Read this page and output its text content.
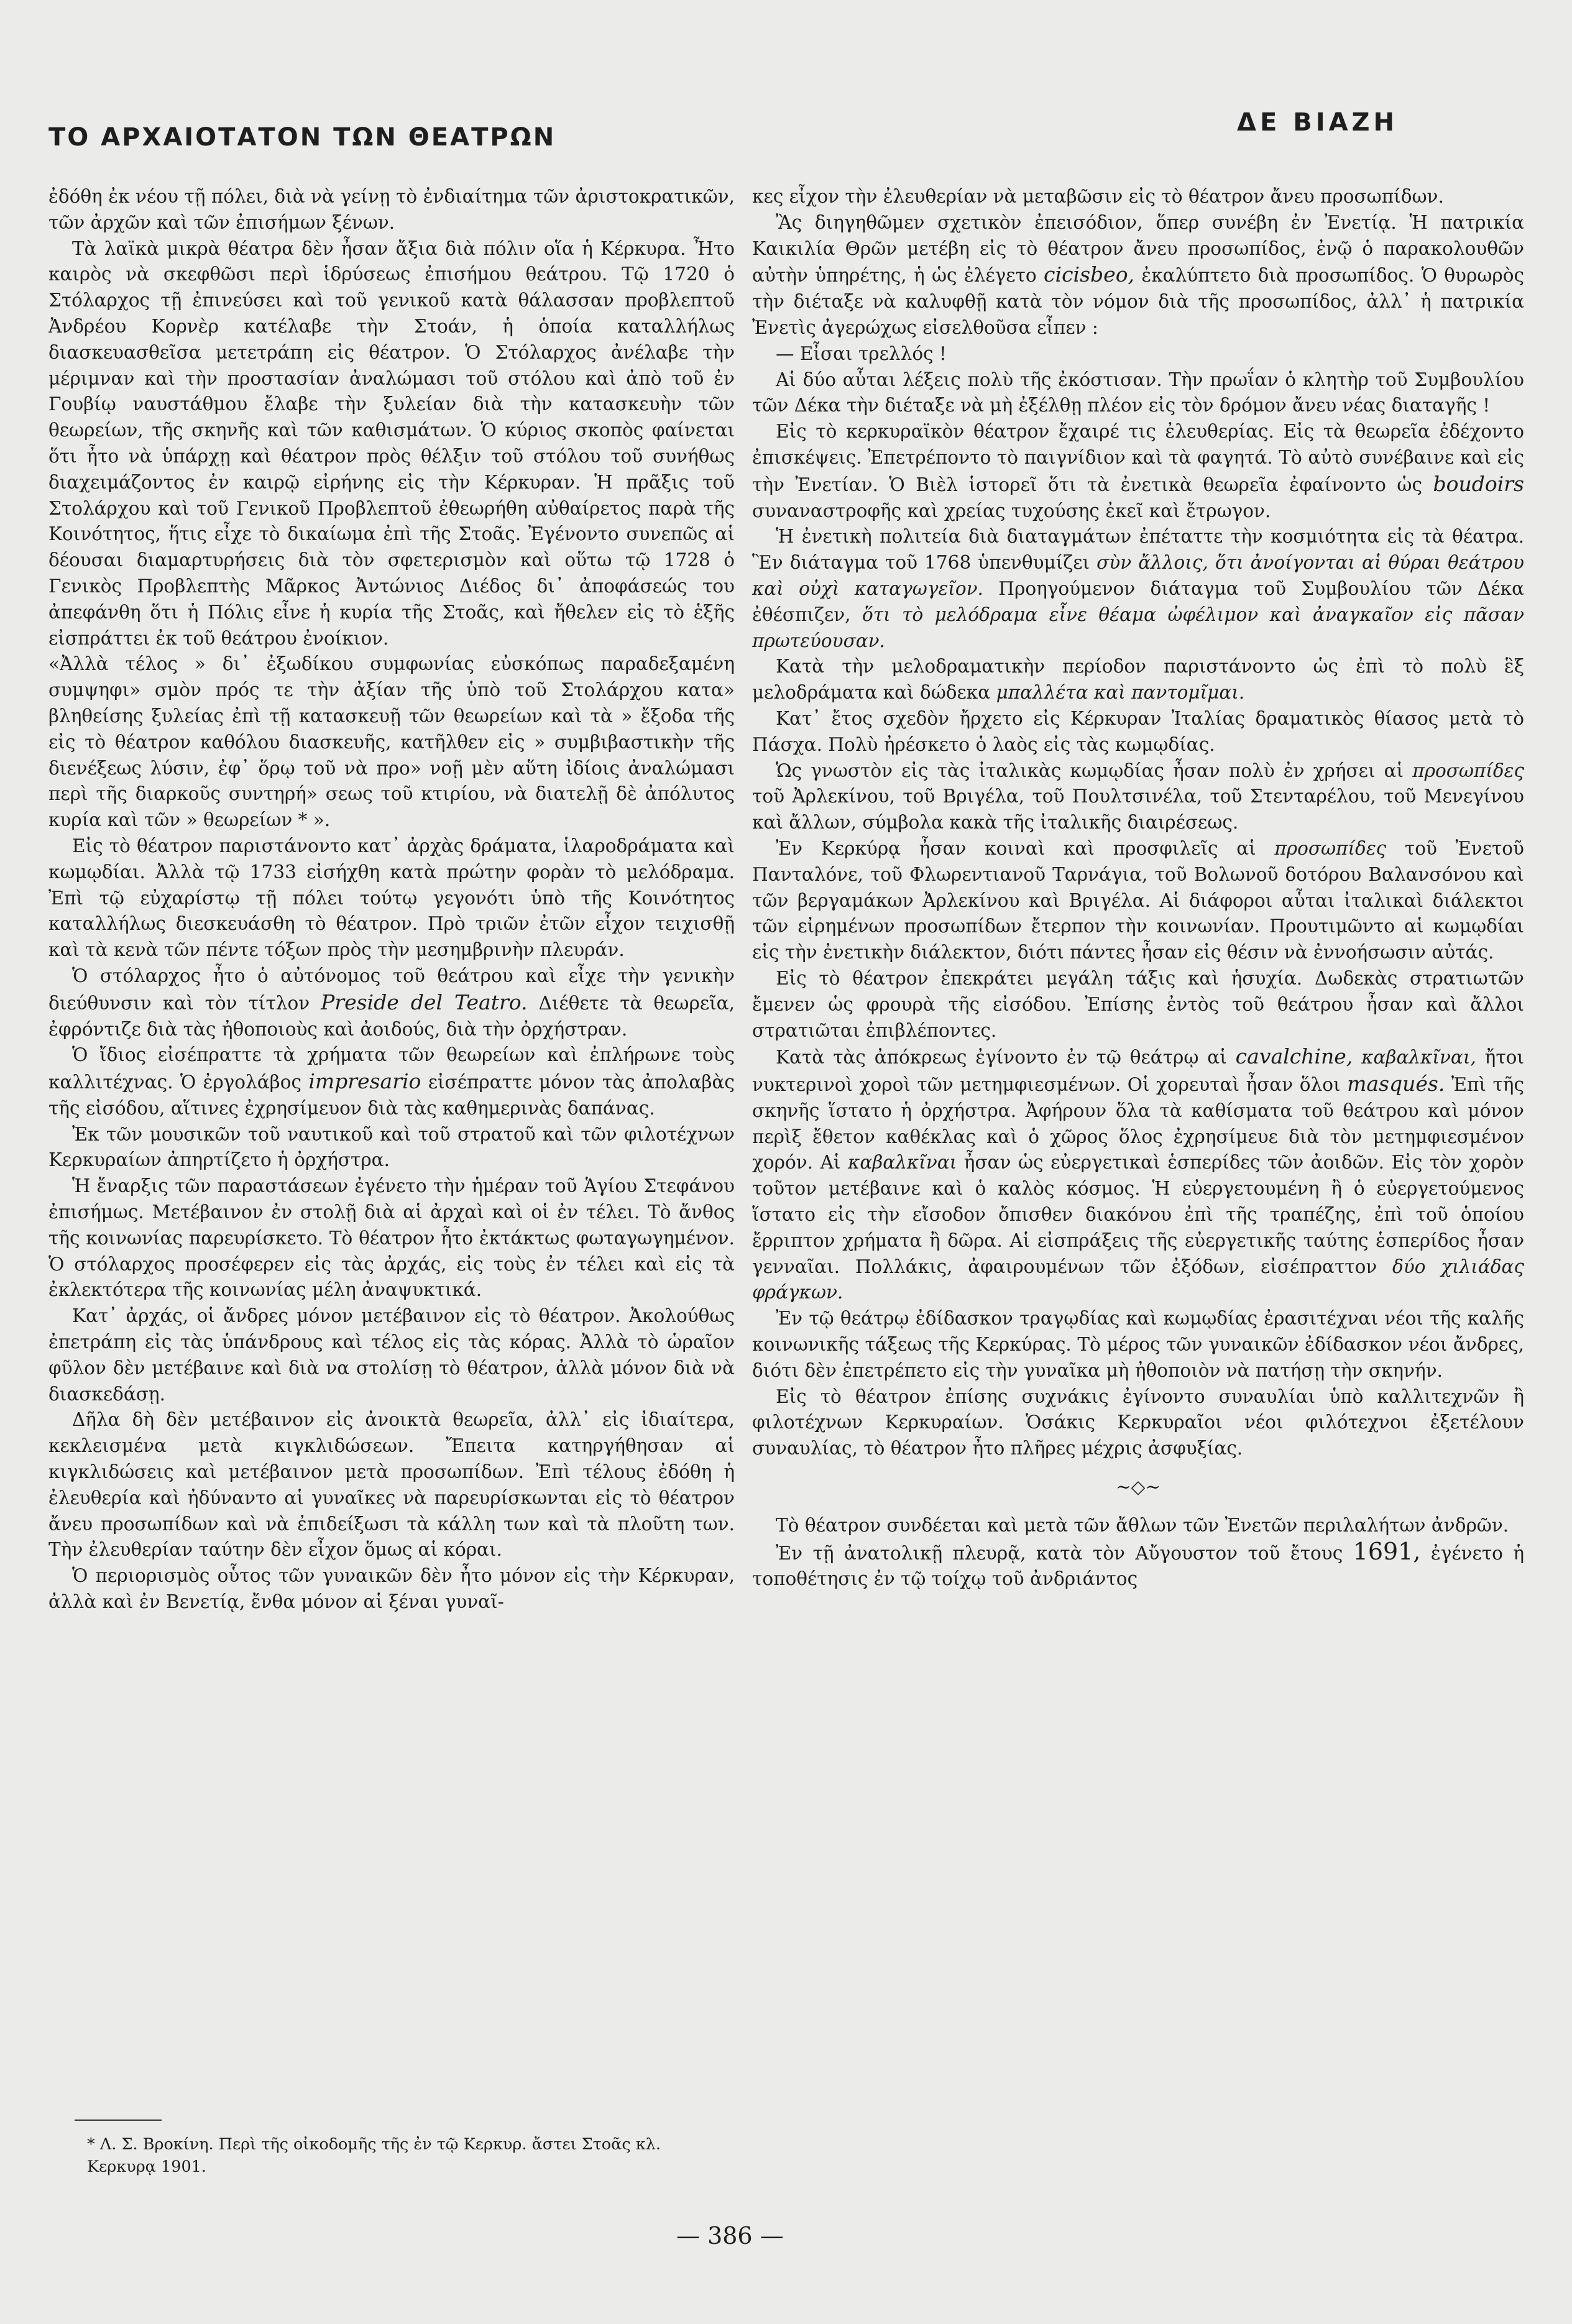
ΤΟ ΑΡΧΑΙΟΤΑΤΟΝ ΤΩΝ ΘΕΑΤΡΩΝ
ΔΕ ΒΙΑΖΗ

ἐδόθη ἐκ νέου τῇ πόλει, διὰ νὰ γείνῃ τὸ ἐνδιαίτημα τῶν ἀριστοκρατικῶν, τῶν ἀρχῶν καὶ τῶν ἐπισήμων ξένων.

Τὰ λαϊκὰ μικρὰ θέατρα δὲν ἦσαν ἄξια διὰ πόλιν οἵα ἡ Κέρκυρα. Ἦτο καιρὸς νὰ σκεφθῶσι περὶ ἱδρύσεως ἐπισήμου θεάτρου. Τῷ 1720 ὁ Στόλαρχος τῇ ἐπινεύσει καὶ τοῦ γενικοῦ κατὰ θάλασσαν προβλεπτοῦ Ἀνδρέου Κορνὲρ κατέλαβε τὴν Στοάν, ἡ ὁποία καταλλήλως διασκευασθεῖσα μετετράπη εἰς θέατρον. Ὁ Στόλαρχος ἀνέλαβε τὴν μέριμναν καὶ τὴν προστασίαν ἀναλώμασι τοῦ στόλου καὶ ἀπὸ τοῦ ἐν Γουβίῳ ναυστάθμου ἔλαβε τὴν ξυλείαν διὰ τὴν κατασκευὴν τῶν θεωρείων, τῆς σκηνῆς καὶ τῶν καθισμάτων. Ὁ κύριος σκοπὸς φαίνεται ὅτι ἦτο νὰ ὑπάρχῃ καὶ θέατρον πρὸς θέλξιν τοῦ στόλου τοῦ συνήθως διαχειμάζοντος ἐν καιρῷ εἰρήνης εἰς τὴν Κέρκυραν. Ἡ πρᾶξις τοῦ Στολάρχου καὶ τοῦ Γενικοῦ Προβλεπτοῦ ἐθεωρήθη αὐθαίρετος παρὰ τῆς Κοινότητος, ἥτις εἶχε τὸ δικαίωμα ἐπὶ τῆς Στοᾶς. Ἐγένοντο συνεπῶς αἱ δέουσαι διαμαρτυρήσεις διὰ τὸν σφετερισμὸν καὶ οὕτω τῷ 1728 ὁ Γενικὸς Προβλεπτὴς Μᾶρκος Ἀντώνιος Διέδος δι᾽ ἀποφάσεώς του ἀπεφάνθη ὅτι ἡ Πόλις εἶνε ἡ κυρία τῆς Στοᾶς, καὶ ἤθελεν εἰς τὸ ἑξῆς εἰσπράττει ἐκ τοῦ θεάτρου ἐνοίκιον.

«Ἀλλὰ τέλος » δι᾽ ἐξωδίκου συμφωνίας εὐσκόπως παραδεξαμένη συμψηφι» σμὸν πρός τε τὴν ἀξίαν τῆς ὑπὸ τοῦ Στολάρχου κατα» βληθείσης ξυλείας ἐπὶ τῇ κατασκευῇ τῶν θεωρείων καὶ τὰ » ἔξοδα τῆς εἰς τὸ θέατρον καθόλου διασκευῆς, κατῆλθεν εἰς » συμβιβαστικὴν τῆς διενέξεως λύσιν, ἐφ᾽ ὅρῳ τοῦ νὰ προ» νοῇ μὲν αὕτη ἰδίοις ἀναλώμασι περὶ τῆς διαρκοῦς συντηρή» σεως τοῦ κτιρίου, νὰ διατελῇ δὲ ἀπόλυτος κυρία καὶ τῶν » θεωρείων * ».

Εἰς τὸ θέατρον παριστάνοντο κατ᾽ ἀρχὰς δράματα, ἱλαροδράματα καὶ κωμῳδίαι. Ἀλλὰ τῷ 1733 εἰσήχθη κατὰ πρώτην φορὰν τὸ μελόδραμα. Ἐπὶ τῷ εὐχαρίστῳ τῇ πόλει τούτῳ γεγονότι ὑπὸ τῆς Κοινότητος καταλλήλως διεσκευάσθη τὸ θέατρον. Πρὸ τριῶν ἐτῶν εἶχον τειχισθῇ καὶ τὰ κενὰ τῶν πέντε τόξων πρὸς τὴν μεσημβρινὴν πλευράν.

Ὁ στόλαρχος ἦτο ὁ αὐτόνομος τοῦ θεάτρου καὶ εἶχε τὴν γενικὴν διεύθυνσιν καὶ τὸν τίτλον Preside del Teatro. Διέθετε τὰ θεωρεῖα, ἐφρόντιζε διὰ τὰς ἠθοποιοὺς καὶ ἀοιδούς, διὰ τὴν ὀρχήστραν.

Ὁ ἴδιος εἰσέπραττε τὰ χρήματα τῶν θεωρείων καὶ ἐπλήρωνε τοὺς καλλιτέχνας. Ὁ ἐργολάβος impresario εἰσέπραττε μόνον τὰς ἀπολαβὰς τῆς εἰσόδου, αἵτινες ἐχρησίμευον διὰ τὰς καθημερινὰς δαπάνας.

Ἐκ τῶν μουσικῶν τοῦ ναυτικοῦ καὶ τοῦ στρατοῦ καὶ τῶν φιλοτέχνων Κερκυραίων ἀπηρτίζετο ἡ ὀρχήστρα.

Ἡ ἔναρξις τῶν παραστάσεων ἐγένετο τὴν ἡμέραν τοῦ Ἁγίου Στεφάνου ἐπισήμως. Μετέβαινον ἐν στολῇ διὰ αἱ ἀρχαὶ καὶ οἱ ἐν τέλει. Τὸ ἄνθος τῆς κοινωνίας παρευρίσκετο. Τὸ θέατρον ἦτο ἐκτάκτως φωταγωγημένον. Ὁ στόλαρχος προσέφερεν εἰς τὰς ἀρχάς, εἰς τοὺς ἐν τέλει καὶ εἰς τὰ ἐκλεκτότερα τῆς κοινωνίας μέλη ἀναψυκτικά.

Κατ᾽ ἀρχάς, οἱ ἄνδρες μόνον μετέβαινον εἰς τὸ θέατρον. Ἀκολούθως ἐπετράπη εἰς τὰς ὑπάνδρους καὶ τέλος εἰς τὰς κόρας. Ἀλλὰ τὸ ὡραῖον φῦλον δὲν μετέβαινε καὶ διὰ να στολίσῃ τὸ θέατρον, ἀλλὰ μόνον διὰ νὰ διασκεδάσῃ.

Δῆλα δὴ δὲν μετέβαινον εἰς ἀνοικτὰ θεωρεῖα, ἀλλ᾽ εἰς ἰδιαίτερα, κεκλεισμένα μετὰ κιγκλιδώσεων. Ἔπειτα κατηργήθησαν αἱ κιγκλιδώσεις καὶ μετέβαινον μετὰ προσωπίδων. Ἐπὶ τέλους ἐδόθη ἡ ἐλευθερία καὶ ἠδύναντο αἱ γυναῖκες νὰ παρευρίσκωνται εἰς τὸ θέατρον ἄνευ προσωπίδων καὶ νὰ ἐπιδείξωσι τὰ κάλλη των καὶ τὰ πλοῦτη των. Τὴν ἐλευθερίαν ταύτην δὲν εἶχον ὅμως αἱ κόραι.

Ὁ περιορισμὸς οὗτος τῶν γυναικῶν δὲν ἦτο μόνον εἰς τὴν Κέρκυραν, ἀλλὰ καὶ ἐν Βενετίᾳ, ἔνθα μόνον αἱ ξέναι γυναῖ-

* Λ. Σ. Βροκίνη. Περὶ τῆς οἰκοδομῆς τῆς ἐν τῷ Κερκυρ. ἄστει Στοᾶς κλ. Κερκυρᾳ 1901.

κες εἶχον τὴν ἐλευθερίαν νὰ μεταβῶσιν εἰς τὸ θέατρον ἄνευ προσωπίδων.

Ἂς διηγηθῶμεν σχετικὸν ἐπεισόδιον, ὅπερ συνέβη ἐν Ἐνετίᾳ. Ἡ πατρικία Καικιλία Θρῶν μετέβη εἰς τὸ θέατρον ἄνευ προσωπίδος, ἐνῷ ὁ παρακολουθῶν αὐτὴν ὑπηρέτης, ἡ ὡς ἐλέγετο cicisbeo, ἐκαλύπτετο διὰ προσωπίδος. Ὁ θυρωρὸς τὴν διέταξε νὰ καλυφθῇ κατὰ τὸν νόμον διὰ τῆς προσωπίδος, ἀλλ᾽ ἡ πατρικία Ἐνετὶς ἀγερώχως εἰσελθοῦσα εἶπεν :

— Εἶσαι τρελλός !

Αἱ δύο αὗται λέξεις πολὺ τῆς ἐκόστισαν. Τὴν πρωΐαν ὁ κλητὴρ τοῦ Συμβουλίου τῶν Δέκα τὴν διέταξε νὰ μὴ ἐξέλθῃ πλέον εἰς τὸν δρόμον ἄνευ νέας διαταγῆς !

Εἰς τὸ κερκυραϊκὸν θέατρον ἔχαιρέ τις ἐλευθερίας. Εἰς τὰ θεωρεῖα ἐδέχοντο ἐπισκέψεις. Ἐπετρέποντο τὸ παιγνίδιον καὶ τὰ φαγητά. Τὸ αὐτὸ συνέβαινε καὶ εἰς τὴν Ἐνετίαν. Ὁ Βιὲλ ἱστορεῖ ὅτι τὰ ἐνετικὰ θεωρεῖα ἐφαίνοντο ὡς boudoirs συναναστροφῆς καὶ χρείας τυχούσης ἐκεῖ καὶ ἔτρωγον.

Ἡ ἐνετικὴ πολιτεία διὰ διαταγμάτων ἐπέταττε τὴν κοσμιότητα εἰς τὰ θέατρα. Ἓν διάταγμα τοῦ 1768 ὑπενθυμίζει σὺν ἄλλοις, ὅτι ἀνοίγονται αἱ θύραι θεάτρου καὶ οὐχὶ καταγωγεῖον. Προηγούμενον διάταγμα τοῦ Συμβουλίου τῶν Δέκα ἐθέσπιζεν, ὅτι τὸ μελόδραμα εἶνε θέαμα ὠφέλιμον καὶ ἀναγκαῖον εἰς πᾶσαν πρωτεύουσαν.

Κατὰ τὴν μελοδραματικὴν περίοδον παριστάνοντο ὡς ἐπὶ τὸ πολὺ ἓξ μελοδράματα καὶ δώδεκα μπαλλέτα καὶ παντομῖμαι.

Κατ᾽ ἔτος σχεδὸν ἤρχετο εἰς Κέρκυραν Ἰταλίας δραματικὸς θίασος μετὰ τὸ Πάσχα. Πολὺ ἠρέσκετο ὁ λαὸς εἰς τὰς κωμῳδίας.

Ὡς γνωστὸν εἰς τὰς ἰταλικὰς κωμῳδίας ἦσαν πολὺ ἐν χρήσει αἱ προσωπίδες τοῦ Ἀρλεκίνου, τοῦ Βριγέλα, τοῦ Πουλτσινέλα, τοῦ Στενταρέλου, τοῦ Μενεγίνου καὶ ἄλλων, σύμβολα κακὰ τῆς ἰταλικῆς διαιρέσεως.

Ἐν Κερκύρᾳ ἦσαν κοιναὶ καὶ προσφιλεῖς αἱ προσωπίδες τοῦ Ἐνετοῦ Πανταλόνε, τοῦ Φλωρεντιανοῦ Ταρνάγια, τοῦ Βολωνοῦ δοτόρου Βαλανσόνου καὶ τῶν βεργαμάκων Ἀρλεκίνου καὶ Βριγέλα. Αἱ διάφοροι αὗται ἰταλικαὶ διάλεκτοι τῶν εἰρημένων προσωπίδων ἔτερπον τὴν κοινωνίαν. Προυτιμῶντο αἱ κωμῳδίαι εἰς τὴν ἐνετικὴν διάλεκτον, διότι πάντες ἦσαν εἰς θέσιν νὰ ἐννοήσωσιν αὐτάς.

Εἰς τὸ θέατρον ἐπεκράτει μεγάλη τάξις καὶ ἡσυχία. Δωδεκὰς στρατιωτῶν ἔμενεν ὡς φρουρὰ τῆς εἰσόδου. Ἐπίσης ἐντὸς τοῦ θεάτρου ἦσαν καὶ ἄλλοι στρατιῶται ἐπιβλέποντες.

Κατὰ τὰς ἀπόκρεως ἐγίνοντο ἐν τῷ θεάτρῳ αἱ cavalchine, καβαλκῖναι, ἤτοι νυκτερινοὶ χοροὶ τῶν μετημφιεσμένων. Οἱ χορευταὶ ἦσαν ὅλοι masqués. Ἐπὶ τῆς σκηνῆς ἵστατο ἡ ὀρχήστρα. Ἀφήρουν ὅλα τὰ καθίσματα τοῦ θεάτρου καὶ μόνον περὶξ ἔθετον καθέκλας καὶ ὁ χῶρος ὅλος ἐχρησίμευε διὰ τὸν μετημφιεσμένον χορόν. Αἱ καβαλκῖναι ἦσαν ὡς εὐεργετικαὶ ἑσπερίδες τῶν ἀοιδῶν. Εἰς τὸν χορὸν τοῦτον μετέβαινε καὶ ὁ καλὸς κόσμος. Ἡ εὐεργετουμένη ἢ ὁ εὐεργετούμενος ἵστατο εἰς τὴν εἴσοδον ὄπισθεν διακόνου ἐπὶ τῆς τραπέζης, ἐπὶ τοῦ ὁποίου ἔρριπτον χρήματα ἢ δῶρα. Αἱ εἰσπράξεις τῆς εὐεργετικῆς ταύτης ἑσπερίδος ἦσαν γενναῖαι. Πολλάκις, ἀφαιρουμένων τῶν ἐξόδων, εἰσέπραττον δύο χιλιάδας φράγκων.

Ἐν τῷ θεάτρῳ ἐδίδασκον τραγῳδίας καὶ κωμῳδίας ἐρασιτέχναι νέοι τῆς καλῆς κοινωνικῆς τάξεως τῆς Κερκύρας. Τὸ μέρος τῶν γυναικῶν ἐδίδασκον νέοι ἄνδρες, διότι δὲν ἐπετρέπετο εἰς τὴν γυναῖκα μὴ ἠθοποιὸν νὰ πατήσῃ τὴν σκηνήν.

Εἰς τὸ θέατρον ἐπίσης συχνάκις ἐγίνοντο συναυλίαι ὑπὸ καλλιτεχνῶν ἢ φιλοτέχνων Κερκυραίων. Ὁσάκις Κερκυραῖοι νέοι φιλότεχνοι ἐξετέλουν συναυλίας, τὸ θέατρον ἦτο πλῆρες μέχρις ἀσφυξίας.

~◇~

Τὸ θέατρον συνδέεται καὶ μετὰ τῶν ἄθλων τῶν Ἐνετῶν περιλαλήτων ἀνδρῶν.

Ἐν τῇ ἀνατολικῇ πλευρᾷ, κατὰ τὸν Αὔγουστον τοῦ ἔτους 1691, ἐγένετο ἡ τοποθέτησις ἐν τῷ τοίχῳ τοῦ ἀνδριάντος

— 386 —
